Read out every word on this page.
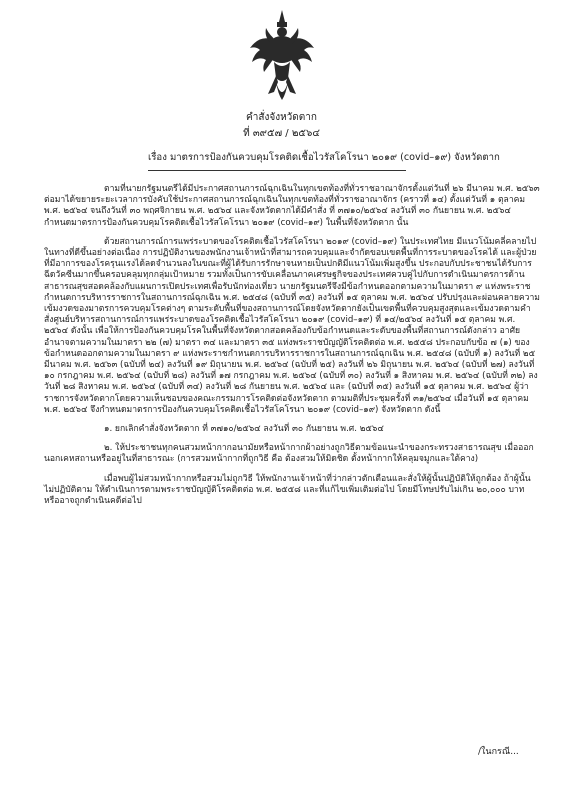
คำสั่งจังหวัดตาก
ที่ ๓๙๕๗ / ๒๕๖๔
เรื่อง มาตรการป้องกันควบคุมโรคติดเชื้อไวรัสโคโรนา ๒๐๑๙ (covid–๑๙) จังหวัดตาก

ตามที่นายกรัฐมนตรีได้มีประกาศสถานการณ์ฉุกเฉินในทุกเขตท้องที่ทั่วราชอาณาจักรตั้งแต่วันที่ ๒๖ มีนาคม พ.ศ. ๒๕๖๓ ต่อมาได้ขยายระยะเวลาการบังคับใช้ประกาศสถานการณ์ฉุกเฉินในทุกเขตท้องที่ทั่วราชอาณาจักร (คราวที่ ๑๔) ตั้งแต่วันที่ ๑ ตุลาคม พ.ศ. ๒๕๖๔ จนถึงวันที่ ๓๐ พฤศจิกายน พ.ศ. ๒๕๖๔ และจังหวัดตากได้มีคำสั่ง ที่ ๓๗๑๐/๒๕๖๔ ลงวันที่ ๓๐ กันยายน พ.ศ. ๒๕๖๔ กำหนดมาตรการป้องกันควบคุมโรคติดเชื้อไวรัสโคโรนา ๒๐๑๙ (covid–๑๙) ในพื้นที่จังหวัดตาก นั้น

ด้วยสถานการณ์การแพร่ระบาดของโรคติดเชื้อไวรัสโคโรนา ๒๐๑๙ (covid–๑๙) ในประเทศไทย มีแนวโน้มคลี่คลายไปในทางที่ดีขึ้นอย่างต่อเนื่อง การปฏิบัติงานของพนักงานเจ้าหน้าที่สามารถควบคุมและจำกัดขอบเขตพื้นที่การระบาดของโรคได้ และผู้ป่วยที่มีอาการของโรครุนแรงได้ลดจำนวนลงในขณะที่ผู้ได้รับการรักษาจนหายเป็นปกติมีแนวโน้มเพิ่มสูงขึ้น ประกอบกับประชาชนได้รับการฉีดวัคซีนมากขึ้นครอบคลุมทุกกลุ่มเป้าหมาย รวมทั้งเป็นการขับเคลื่อนภาคเศรษฐกิจของประเทศควบคู่ไปกับการดำเนินมาตรการด้านสาธารณสุขสอดคล้องกับแผนการเปิดประเทศเพื่อรับนักท่องเที่ยว นายกรัฐมนตรีจึงมีข้อกำหนดออกตามความในมาตรา ๙ แห่งพระราชกำหนดการบริหารราชการในสถานการณ์ฉุกเฉิน พ.ศ. ๒๕๔๘ (ฉบับที่ ๓๕) ลงวันที่ ๑๕ ตุลาคม พ.ศ. ๒๕๖๔ ปรับปรุงและผ่อนคลายความเข้มงวดของมาตรการควบคุมโรคต่างๆ ตามระดับพื้นที่ของสถานการณ์โดยจังหวัดตากยังเป็นเขตพื้นที่ควบคุมสูงสุดและเข้มงวดตามคำสั่งศูนย์บริหารสถานการณ์การแพร่ระบาดของโรคติดเชื้อไวรัสโคโรนา ๒๐๑๙ (covid–๑๙) ที่ ๑๔/๒๕๖๔ ลงวันที่ ๑๕ ตุลาคม พ.ศ. ๒๕๖๔ ดังนั้น เพื่อให้การป้องกันควบคุมโรคในพื้นที่จังหวัดตากสอดคล้องกับข้อกำหนดและระดับของพื้นที่สถานการณ์ดังกล่าว อาศัยอำนาจตามความในมาตรา ๒๒ (๗) มาตรา ๓๔ และมาตรา ๓๕ แห่งพระราชบัญญัติโรคติดต่อ พ.ศ. ๒๕๕๘ ประกอบกับข้อ ๗ (๑) ของข้อกำหนดออกตามความในมาตรา ๙ แห่งพระราชกำหนดการบริหารราชการในสถานการณ์ฉุกเฉิน พ.ศ. ๒๕๔๘ (ฉบับที่ ๑) ลงวันที่ ๒๕ มีนาคม พ.ศ. ๒๕๖๓ (ฉบับที่ ๒๔) ลงวันที่ ๑๙ มิถุนายน พ.ศ. ๒๕๖๔ (ฉบับที่ ๒๕) ลงวันที่ ๒๖ มิถุนายน พ.ศ. ๒๕๖๔ (ฉบับที่ ๒๗) ลงวันที่ ๑๐ กรกฎาคม พ.ศ. ๒๕๖๔ (ฉบับที่ ๒๘) ลงวันที่ ๑๗ กรกฎาคม พ.ศ. ๒๕๖๔ (ฉบับที่ ๓๐) ลงวันที่ ๑ สิงหาคม พ.ศ. ๒๕๖๔ (ฉบับที่ ๓๒) ลงวันที่ ๒๘ สิงหาคม พ.ศ. ๒๕๖๔ (ฉบับที่ ๓๔) ลงวันที่ ๒๘ กันยายน พ.ศ. ๒๕๖๔ และ (ฉบับที่ ๓๕) ลงวันที่ ๑๕ ตุลาคม พ.ศ. ๒๕๖๔ ผู้ว่าราชการจังหวัดตากโดยความเห็นชอบของคณะกรรมการโรคติดต่อจังหวัดตาก ตามมติที่ประชุมครั้งที่ ๓๑/๒๕๖๔ เมื่อวันที่ ๑๕ ตุลาคม พ.ศ. ๒๕๖๔ จึงกำหนดมาตรการป้องกันควบคุมโรคติดเชื้อไวรัสโคโรนา ๒๐๑๙ (covid–๑๙) จังหวัดตาก ดังนี้

๑. ยกเลิกคำสั่งจังหวัดตาก ที่ ๓๗๑๐/๒๕๖๔ ลงวันที่ ๓๐ กันยายน พ.ศ. ๒๕๖๔

๒. ให้ประชาชนทุกคนสวมหน้ากากอนามัยหรือหน้ากากผ้าอย่างถูกวิธีตามข้อแนะนำของกระทรวงสาธารณสุข เมื่อออกนอกเคหสถานหรืออยู่ในที่สาธารณะ (การสวมหน้ากากที่ถูกวิธี คือ ต้องสวมให้มิดชิด ตั้งหน้ากากให้คลุมจมูกและใต้คาง)

เมื่อพบผู้ไม่สวมหน้ากากหรือสวมไม่ถูกวิธี ให้พนักงานเจ้าหน้าที่ว่ากล่าวตักเตือนและสั่งให้ผู้นั้นปฏิบัติให้ถูกต้อง ถ้าผู้นั้นไม่ปฏิบัติตาม ให้ดำเนินการตามพระราชบัญญัติโรคติดต่อ พ.ศ. ๒๕๕๘ และที่แก้ไขเพิ่มเติมต่อไป โดยมีโทษปรับไม่เกิน ๒๐,๐๐๐ บาท หรืออาจถูกดำเนินคดีต่อไป

/ในกรณี...
